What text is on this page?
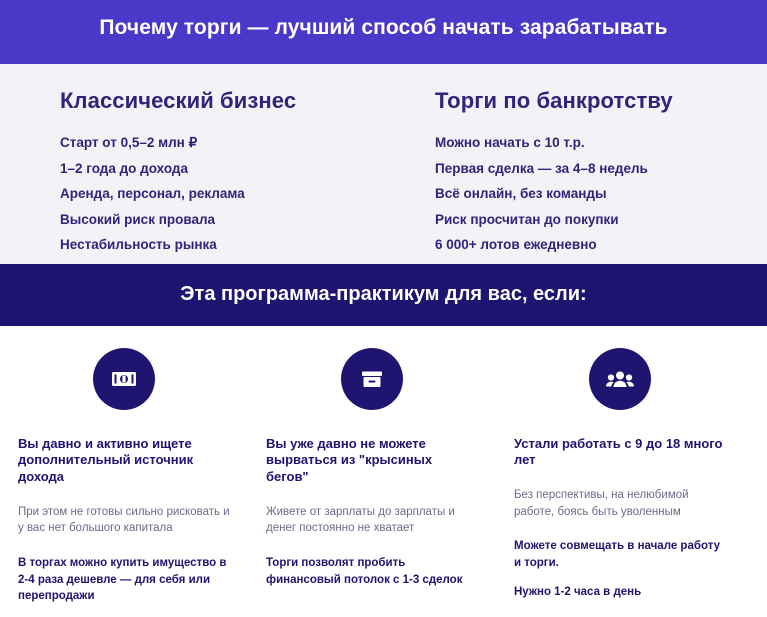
Почему торги — лучший способ начать зарабатывать
Классический бизнес
Старт от 0,5–2 млн ₽
1–2 года до дохода
Аренда, персонал, реклама
Высокий риск провала
Нестабильность рынка
Торги по банкротству
Можно начать с 10 т.р.
Первая сделка — за 4–8 недель
Всё онлайн, без команды
Риск просчитан до покупки
6 000+ лотов ежедневно
Эта программа-практикум для вас, если:

Вы давно и активно ищете дополнительный источник дохода

При этом не готовы сильно рисковать и у вас нет большого капитала

В торгах можно купить имущество в 2-4 раза дешевле — для себя или перепродажи

Вы уже давно не можете вырваться из "крысиных бегов"

Живете от зарплаты до зарплаты и денег постоянно не хватает

Торги позволят пробить финансовый потолок с 1-3 сделок

Устали работать с 9 до 18 много лет

Без перспективы, на нелюбимой работе, боясь быть уволенным

Можете совмещать в начале работу и торги.

Нужно 1-2 часа в день
